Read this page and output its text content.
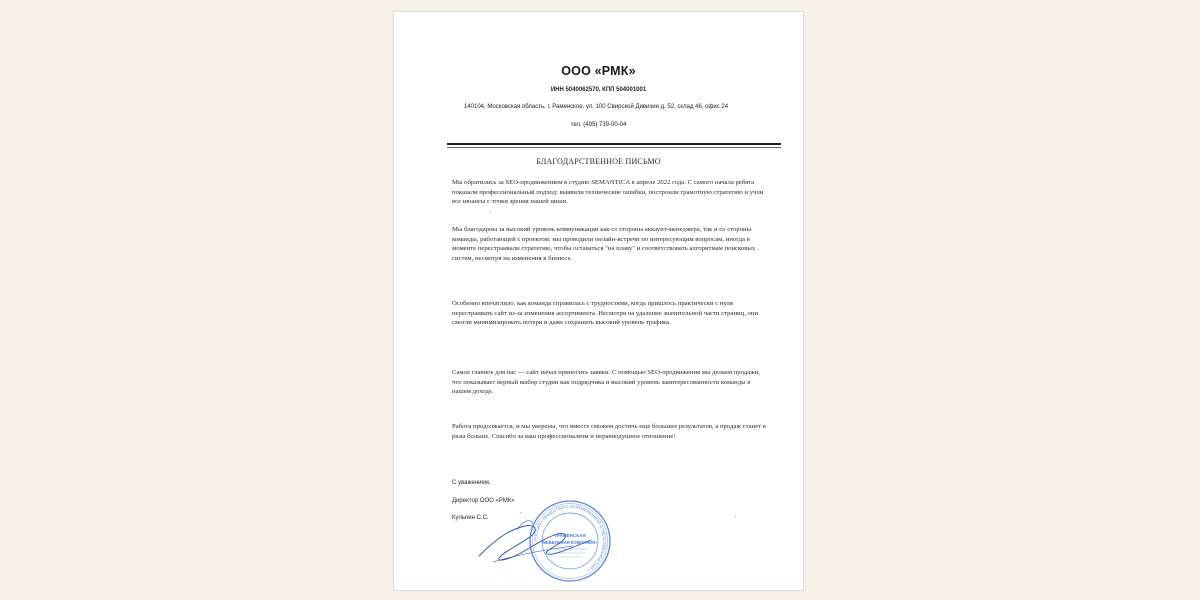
ООО «РМК»
ИНН 5040062570, КПП 504001001
140104, Московская область, г. Раменское, ул. 100 Свирской Дивизии д. 52, склад 46, офис 24
тел. (495) 739-00-04
БЛАГОДАРСТВЕННОЕ ПИСЬМО

Мы обратились за SEO-продвижением в студию SEMANTICA в апреле 2022 года. С самого начала ребята показали профессиональный подход: выявили технические ошибки, построили грамотную стратегию и учли все нюансы с точки зрения нашей ниши.

Мы благодарны за высокий уровень коммуникации как со стороны аккаунт-менеджера, так и со стороны команды, работающей с проектом: мы проводили онлайн-встречи по интересующим вопросам, иногда в моменте перестраивали стратегию, чтобы оставаться "на плаву" и соответствовать алгоритмам поисковых систем, несмотря на изменения в бизнесе.

Особенно впечатлило, как команда справилась с трудностями, когда пришлось практически с нуля перестраивать сайт из-за изменения ассортимента. Несмотря на удаление значительной части страниц, они смогли минимизировать потери и даже сохранить высокий уровень трафика.

Самое главное для нас — сайт начал приносить заявки. С помощью SEO-продвижения мы делаем продажи, что показывает верный выбор студии как подрядчика и высокий уровень заинтересованности команды в нашем доходе.

Работа продолжается, и мы уверены, что вместе сможем достичь еще больших результатов, а продаж станет в разы больше. Спасибо за ваш профессионализм и неравнодушное отношение!

С уважением,
Директор ООО «РМК»
Кульпин С.С.
РОССИЯ • ОБЩЕСТВО С ОГРАНИЧЕННОЙ ОТВЕТСТВЕННОСТЬЮ •
«РАМЕНСКАЯ
МЕБЕЛЬНАЯ КОМПАНИЯ»
